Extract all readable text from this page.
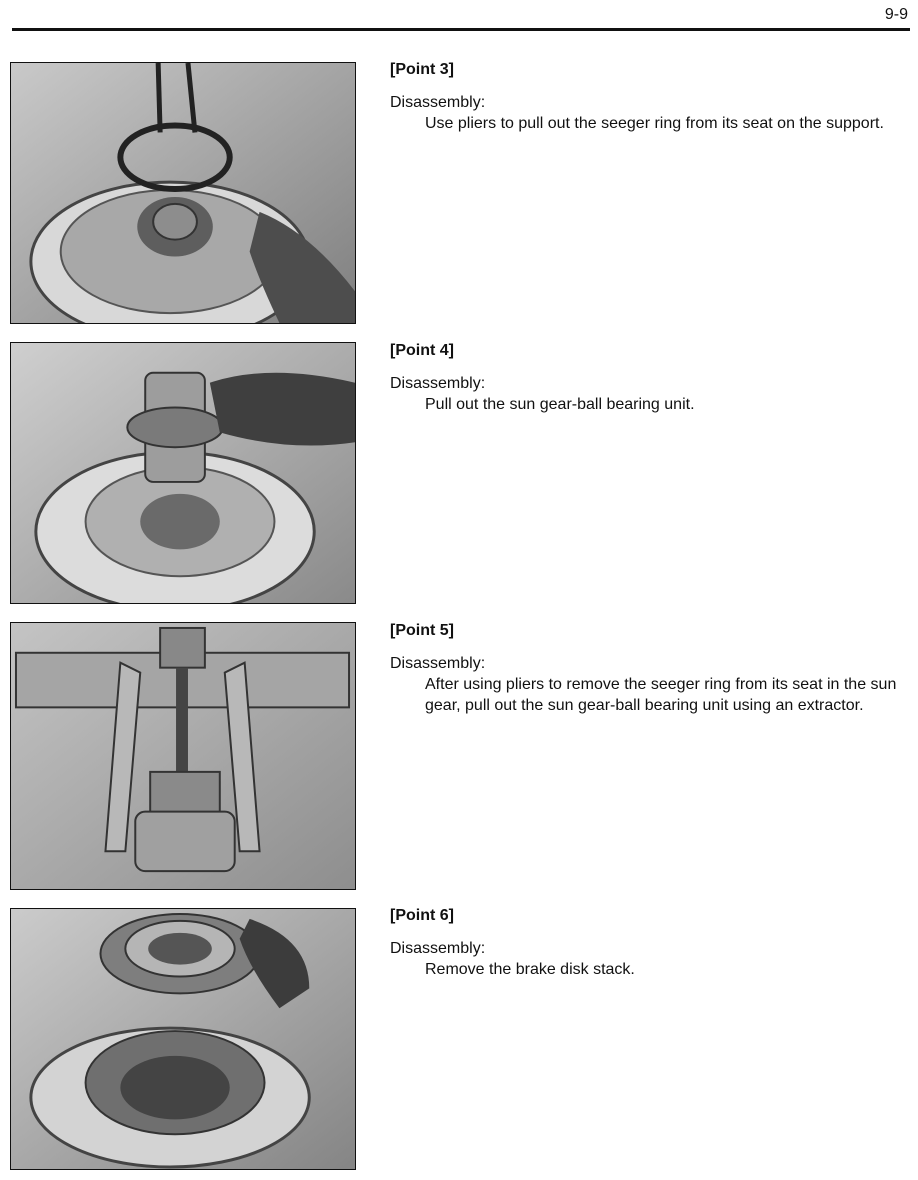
9-9
[Point 3]
Disassembly:
Use pliers to pull out the seeger ring from its seat on the support.
[Point 4]
Disassembly:
Pull out the sun gear-ball bearing unit.
[Point 5]
Disassembly:
After using pliers to remove the seeger ring from its seat in the sun gear, pull out the sun gear-ball bearing unit using an extractor.
[Point 6]
Disassembly:
Remove the brake disk stack.
